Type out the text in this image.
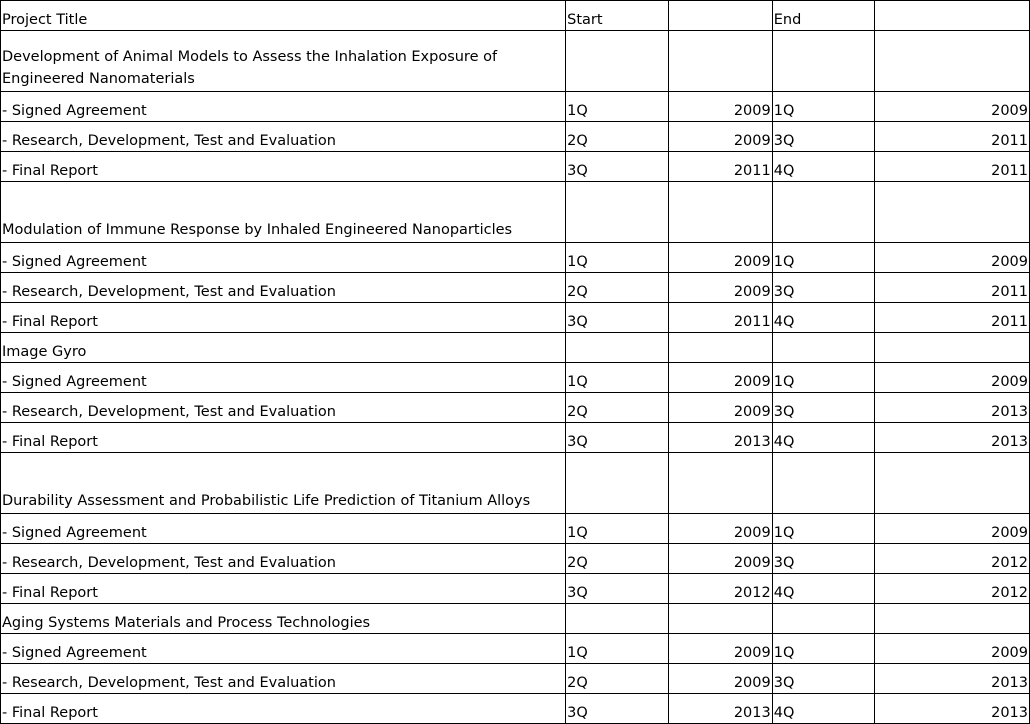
Project Title	Start		End	
Development of Animal Models to Assess the Inhalation Exposure of Engineered Nanomaterials				
- Signed Agreement	1Q	2009	1Q	2009
- Research, Development, Test and Evaluation	2Q	2009	3Q	2011
- Final Report	3Q	2011	4Q	2011
Modulation of Immune Response by Inhaled Engineered Nanoparticles				
- Signed Agreement	1Q	2009	1Q	2009
- Research, Development, Test and Evaluation	2Q	2009	3Q	2011
- Final Report	3Q	2011	4Q	2011
Image Gyro				
- Signed Agreement	1Q	2009	1Q	2009
- Research, Development, Test and Evaluation	2Q	2009	3Q	2013
- Final Report	3Q	2013	4Q	2013
Durability Assessment and Probabilistic Life Prediction of Titanium Alloys				
- Signed Agreement	1Q	2009	1Q	2009
- Research, Development, Test and Evaluation	2Q	2009	3Q	2012
- Final Report	3Q	2012	4Q	2012
Aging Systems Materials and Process Technologies				
- Signed Agreement	1Q	2009	1Q	2009
- Research, Development, Test and Evaluation	2Q	2009	3Q	2013
- Final Report	3Q	2013	4Q	2013
